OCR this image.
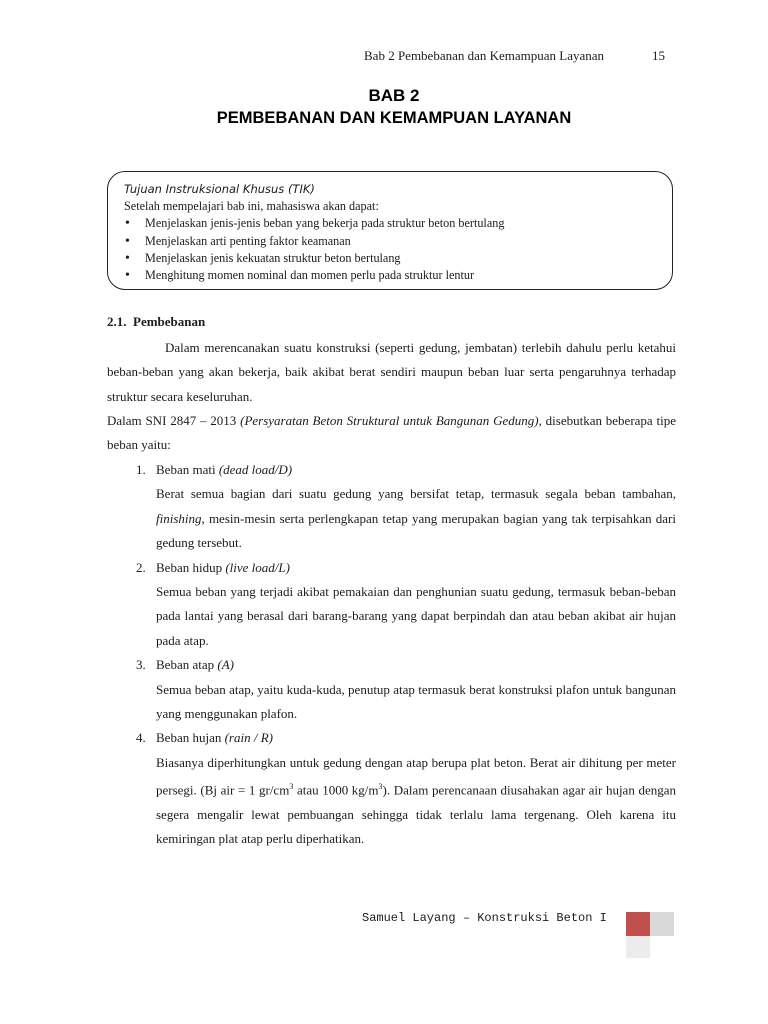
Bab 2 Pembebanan dan Kemampuan Layanan	15
BAB 2
PEMBEBANAN DAN KEMAMPUAN LAYANAN
Tujuan Instruksional Khusus (TIK)
Setelah mempelajari bab ini, mahasiswa akan dapat:
• Menjelaskan jenis-jenis beban yang bekerja pada struktur beton bertulang
• Menjelaskan arti penting faktor keamanan
• Menjelaskan jenis kekuatan struktur beton bertulang
• Menghitung momen nominal dan momen perlu pada struktur lentur
2.1. Pembebanan
Dalam merencanakan suatu konstruksi (seperti gedung, jembatan) terlebih dahulu perlu ketahui beban-beban yang akan bekerja, baik akibat berat sendiri maupun beban luar serta pengaruhnya terhadap struktur secara keseluruhan.
Dalam SNI 2847 – 2013 (Persyaratan Beton Struktural untuk Bangunan Gedung), disebutkan beberapa tipe beban yaitu:
1. Beban mati (dead load/D)
Berat semua bagian dari suatu gedung yang bersifat tetap, termasuk segala beban tambahan, finishing, mesin-mesin serta perlengkapan tetap yang merupakan bagian yang tak terpisahkan dari gedung tersebut.
2. Beban hidup (live load/L)
Semua beban yang terjadi akibat pemakaian dan penghunian suatu gedung, termasuk beban-beban pada lantai yang berasal dari barang-barang yang dapat berpindah dan atau beban akibat air hujan pada atap.
3. Beban atap (A)
Semua beban atap, yaitu kuda-kuda, penutup atap termasuk berat konstruksi plafon untuk bangunan yang menggunakan plafon.
4. Beban hujan (rain / R)
Biasanya diperhitungkan untuk gedung dengan atap berupa plat beton. Berat air dihitung per meter persegi. (Bj air = 1 $gr/cm^3$ atau 1000 $kg/m^3$). Dalam perencanaan diusahakan agar air hujan dengan segera mengalir lewat pembuangan sehingga tidak terlalu lama tergenang. Oleh karena itu kemiringan plat atap perlu diperhatikan.
Samuel Layang – Konstruksi Beton I
